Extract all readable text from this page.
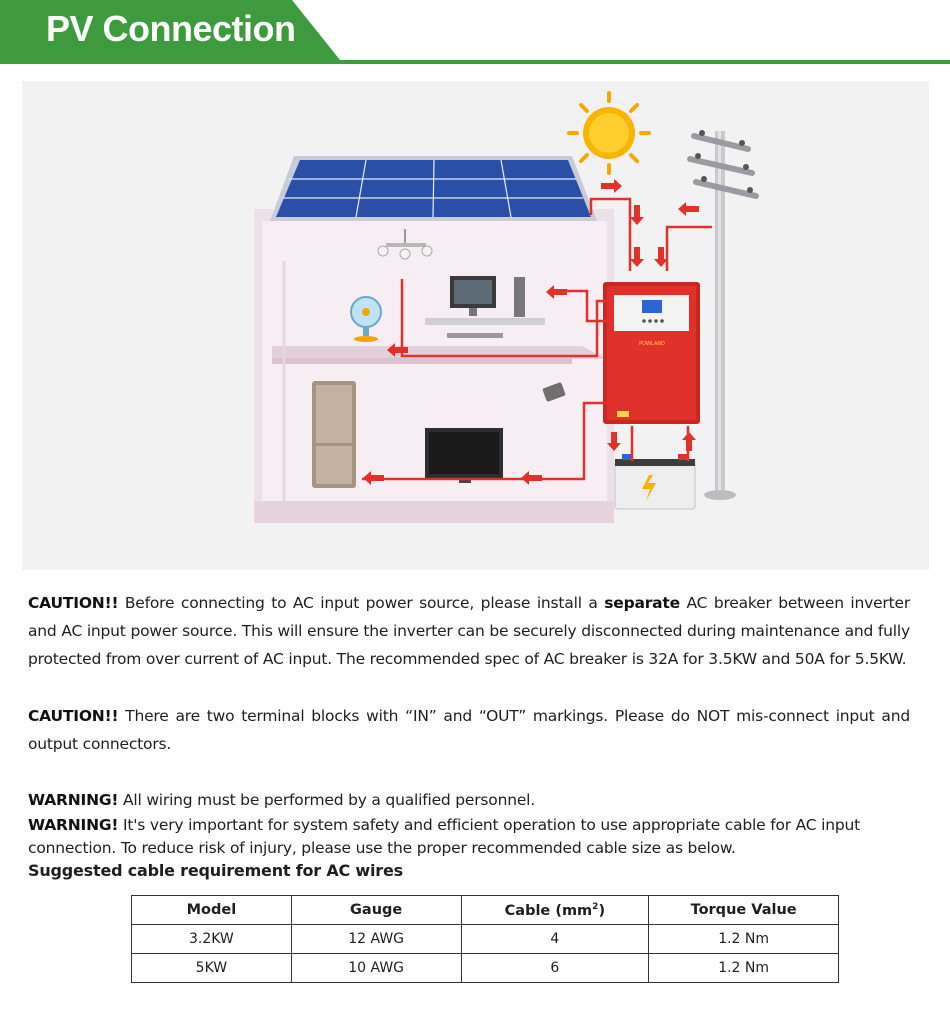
PV Connection
POWLAND
CAUTION!! Before connecting to AC input power source, please install a separate AC breaker between inverter and AC input power source. This will ensure the inverter can be securely disconnected during maintenance and fully protected from over current of AC input. The recommended spec of AC breaker is 32A for 3.5KW and 50A for 5.5KW.
CAUTION!! There are two terminal blocks with “IN” and “OUT” markings. Please do NOT mis-connect input and output connectors.
WARNING! All wiring must be performed by a qualified personnel.
WARNING! It's very important for system safety and efficient operation to use appropriate cable for AC input connection. To reduce risk of injury, please use the proper recommended cable size as below.
Suggested cable requirement for AC wires
Model	Gauge	Cable $(mm^2)$	Torque Value
3.2KW	12 AWG	4	1.2 Nm
5KW	10 AWG	6	1.2 Nm
